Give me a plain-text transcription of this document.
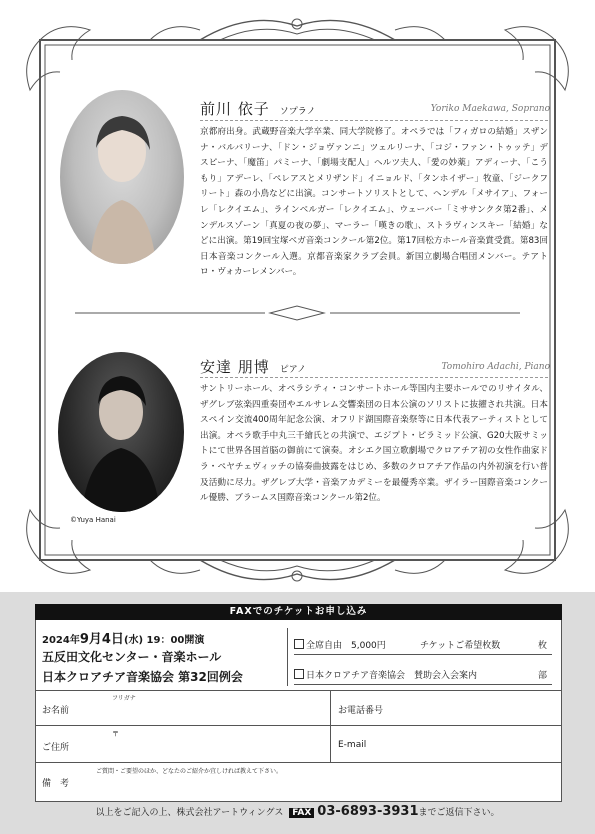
前川 依子 ソプラノ	Yoriko Maekawa, Soprano
京都府出身。武蔵野音楽大学卒業、同大学院修了。オペラでは「フィガロの結婚」スザンナ・バルバリーナ、「ドン・ジョヴァンニ」ツェルリーナ、「コジ・ファン・トゥッテ」デスピーナ、「魔笛」パミーナ、「劇場支配人」ヘルツ夫人、「愛の妙薬」アディーナ、「こうもり」アデーレ、「ペレアスとメリザンド」イニョルド、「タンホイザー」牧童、「ジークフリート」森の小鳥などに出演。コンサートソリストとして、ヘンデル「メサイア」、フォーレ「レクイエム」、ラインベルガー「レクイエム」、ウェーバー「ミササンクタ第2番」、メンデルスゾーン「真夏の夜の夢」、マーラー「嘆きの歌」、ストラヴィンスキー「結婚」などに出演。第19回宝塚ベガ音楽コンクール第2位。第17回松方ホール音楽賞受賞。第83回日本音楽コンクール入選。京都音楽家クラブ会員。新国立劇場合唱団メンバー。テアトロ・ヴォカーレメンバー。
©Yuya Hanai
安達 朋博 ピアノ	Tomohiro Adachi, Piano
サントリーホール、オペラシティ・コンサートホール等国内主要ホールでのリサイタル、ザグレブ弦楽四重奏団やエルサレム交響楽団の日本公演のソリストに抜擢され共演。日本スペイン交流400周年記念公演、オフリド湖国際音楽祭等に日本代表アーティストとして出演。オペラ歌手中丸三千繪氏との共演で、エジプト・ピラミッド公演、G20大阪サミットにて世界各国首脳の御前にて演奏。オシエク国立歌劇場でクロアチア初の女性作曲家ドラ・ペヤチェヴィッチの協奏曲披露をはじめ、多数のクロアチア作品の内外初演を行い普及活動に尽力。ザグレブ大学・音楽アカデミーを最優秀卒業。ザイラー国際音楽コンクール優勝、ブラームス国際音楽コンクール第2位。
FAXでのチケットお申し込み
2024年9月4日(水) 19：00開演
五反田文化センター・音楽ホール
日本クロアチア音楽協会 第32回例会
全席自由　5,000円	チケットご希望枚数	枚
日本クロアチア音楽協会　賛助会入会案内	部
フリガナ
お名前	お電話番号
〒
ご住所	E-mail
備　考
ご質問・ご要望のほか、どなたのご紹介か宜しければ教えて下さい。
以上をご記入の上、株式会社アートウィングス FAX 03-6893-3931までご返信下さい。
